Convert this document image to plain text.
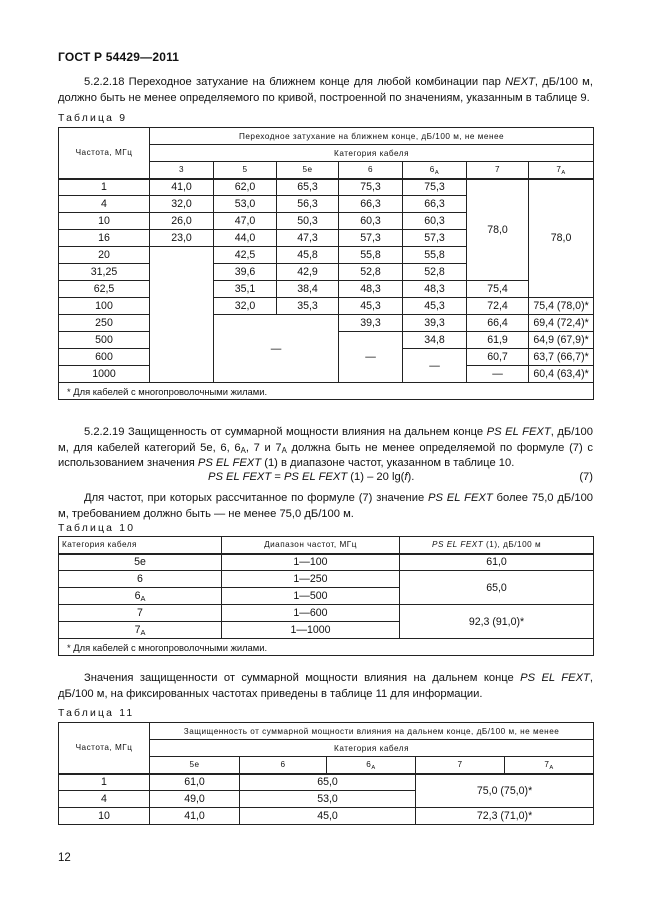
ГОСТ Р 54429—2011

5.2.2.18 Переходное затухание на ближнем конце для любой комбинации пар NEXT, дБ/100 м, должно быть не менее определяемого по кривой, построенной по значениям, указанным в таблице 9.

Таблица 9
Частота, МГц	Переходное затухание на ближнем конце, дБ/100 м, не менее						
	Категория кабеля						
	3	5	5е	6	$6_A$	7	$7_A$
1	41,0	62,0	65,3	75,3	75,3	78,0	78,0
4	32,0	53,0	56,3	66,3	66,3		
10	26,0	47,0	50,3	60,3	60,3		
16	23,0	44,0	47,3	57,3	57,3		
20		42,5	45,8	55,8	55,8		
31,25		39,6	42,9	52,8	52,8		
62,5		35,1	38,4	48,3	48,3	75,4	
100		32,0	35,3	45,3	45,3	72,4	75,4 (78,0)*
250		—		39,3	39,3	66,4	69,4 (72,4)*
500				—	34,8	61,9	64,9 (67,9)*
600					—	60,7	63,7 (66,7)*
1000						—	60,4 (63,4)*
* Для кабелей с многопроволочными жилами.							

5.2.2.19 Защищенность от суммарной мощности влияния на дальнем конце PS EL FEXT, дБ/100 м, для кабелей категорий 5е, 6, $6_A$, 7 и $7_A$ должна быть не менее определяемой по формуле (7) с использованием значения PS EL FEXT (1) в диапазоне частот, указанном в таблице 10.

PS EL FEXT = PS EL FEXT (1) – 20 lg(f).	(7)

Для частот, при которых рассчитанное по формуле (7) значение PS EL FEXT более 75,0 дБ/100 м, требованием должно быть — не менее 75,0 дБ/100 м.

Таблица 10
Категория кабеля	Диапазон частот, МГц	PS EL FEXT (1), дБ/100 м
5е	1—100	61,0
6	1—250	65,0
$6_A$	1—500	
7	1—600	92,3 (91,0)*
$7_A$	1—1000	
* Для кабелей с многопроволочными жилами.		

Значения защищенности от суммарной мощности влияния на дальнем конце PS EL FEXT, дБ/100 м, на фиксированных частотах приведены в таблице 11 для информации.

Таблица 11
Частота, МГц	Защищенность от суммарной мощности влияния на дальнем конце, дБ/100 м, не менее				
	Категория кабеля				
	5е	6	$6_A$	7	$7_A$
1	61,0	65,0		75,0 (75,0)*	
4	49,0	53,0			
10	41,0	45,0		72,3 (71,0)*	
12
